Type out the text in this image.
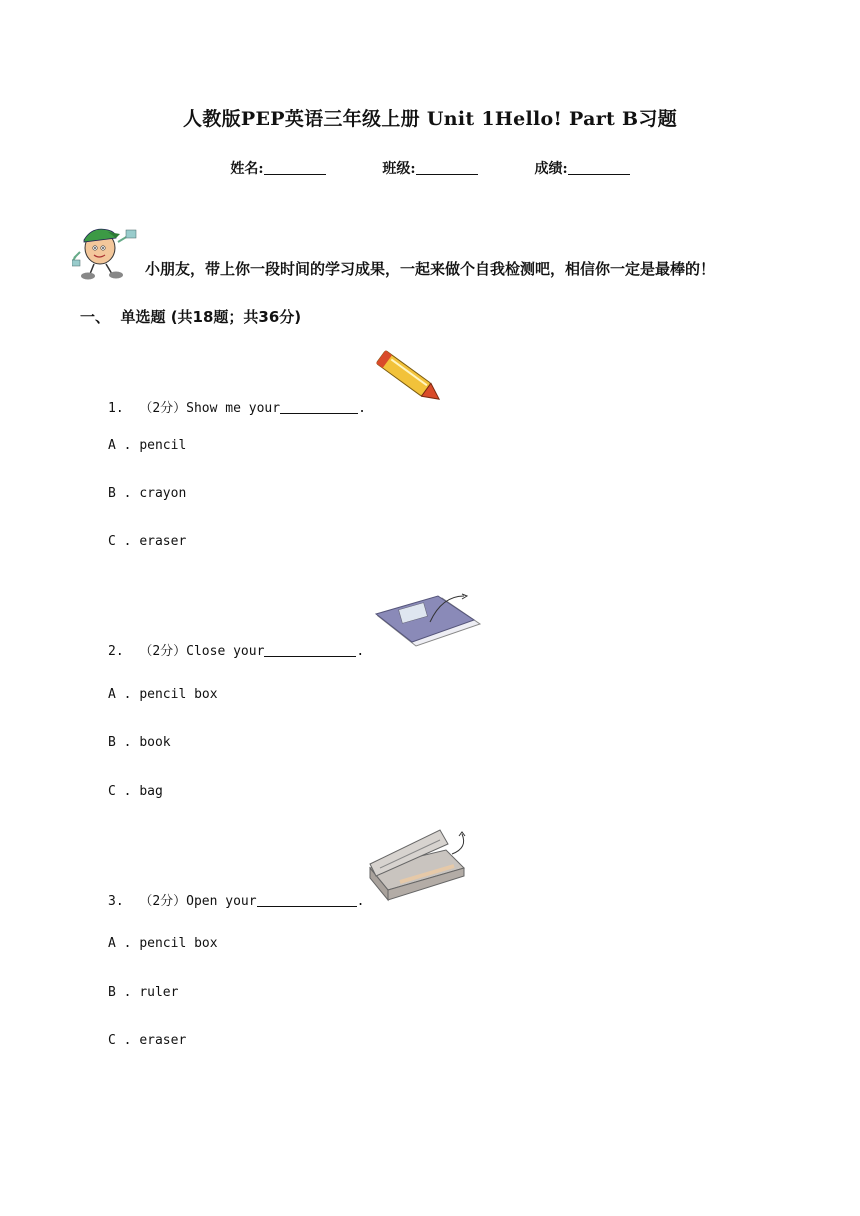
人教版PEP英语三年级上册 Unit 1Hello! Part B习题
姓名:	班级:	成绩:
小朋友，带上你一段时间的学习成果，一起来做个自我检测吧，相信你一定是最棒的！
一、 单选题 (共18题；共36分)
1. （2分）Show me your	.
A . pencil
B . crayon
C . eraser
2. （2分）Close your	.
A . pencil box
B . book
C . bag
3. （2分）Open your	.
A . pencil box
B . ruler
C . eraser
